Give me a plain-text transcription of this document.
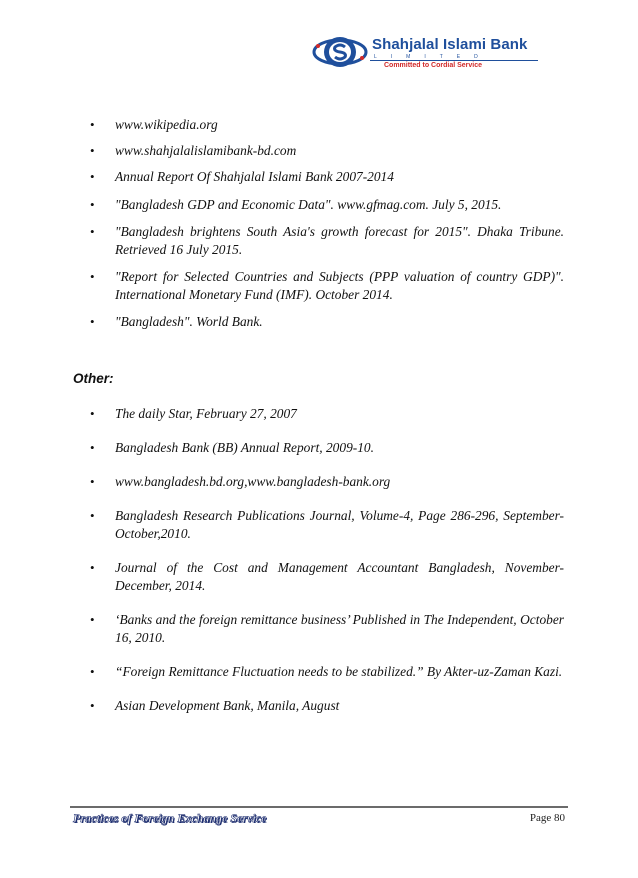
Shahjalal Islami Bank
LIMITED
Committed to Cordial Service
• www.wikipedia.org
• www.shahjalalislamibank-bd.com
• Annual Report Of Shahjalal Islami Bank 2007-2014
• "Bangladesh GDP and Economic Data". www.gfmag.com. July 5, 2015.
• "Bangladesh brightens South Asia's growth forecast for 2015". Dhaka Tribune. Retrieved 16 July 2015.
• "Report for Selected Countries and Subjects (PPP valuation of country GDP)". International Monetary Fund (IMF). October 2014.
• "Bangladesh". World Bank.
Other:
• The daily Star, February 27, 2007
• Bangladesh Bank (BB) Annual Report, 2009-10.
• www.bangladesh.bd.org,www.bangladesh-bank.org
• Bangladesh Research Publications Journal, Volume-4, Page 286-296, September- October,2010.
• Journal of the Cost and Management Accountant Bangladesh, November-December, 2014.
• ‘Banks and the foreign remittance business’ Published in The Independent, October 16, 2010.
• “Foreign Remittance Fluctuation needs to be stabilized.” By Akter-uz-Zaman Kazi.
• Asian Development Bank, Manila, August
Practices of Foreign Exchange Service	Page 80
